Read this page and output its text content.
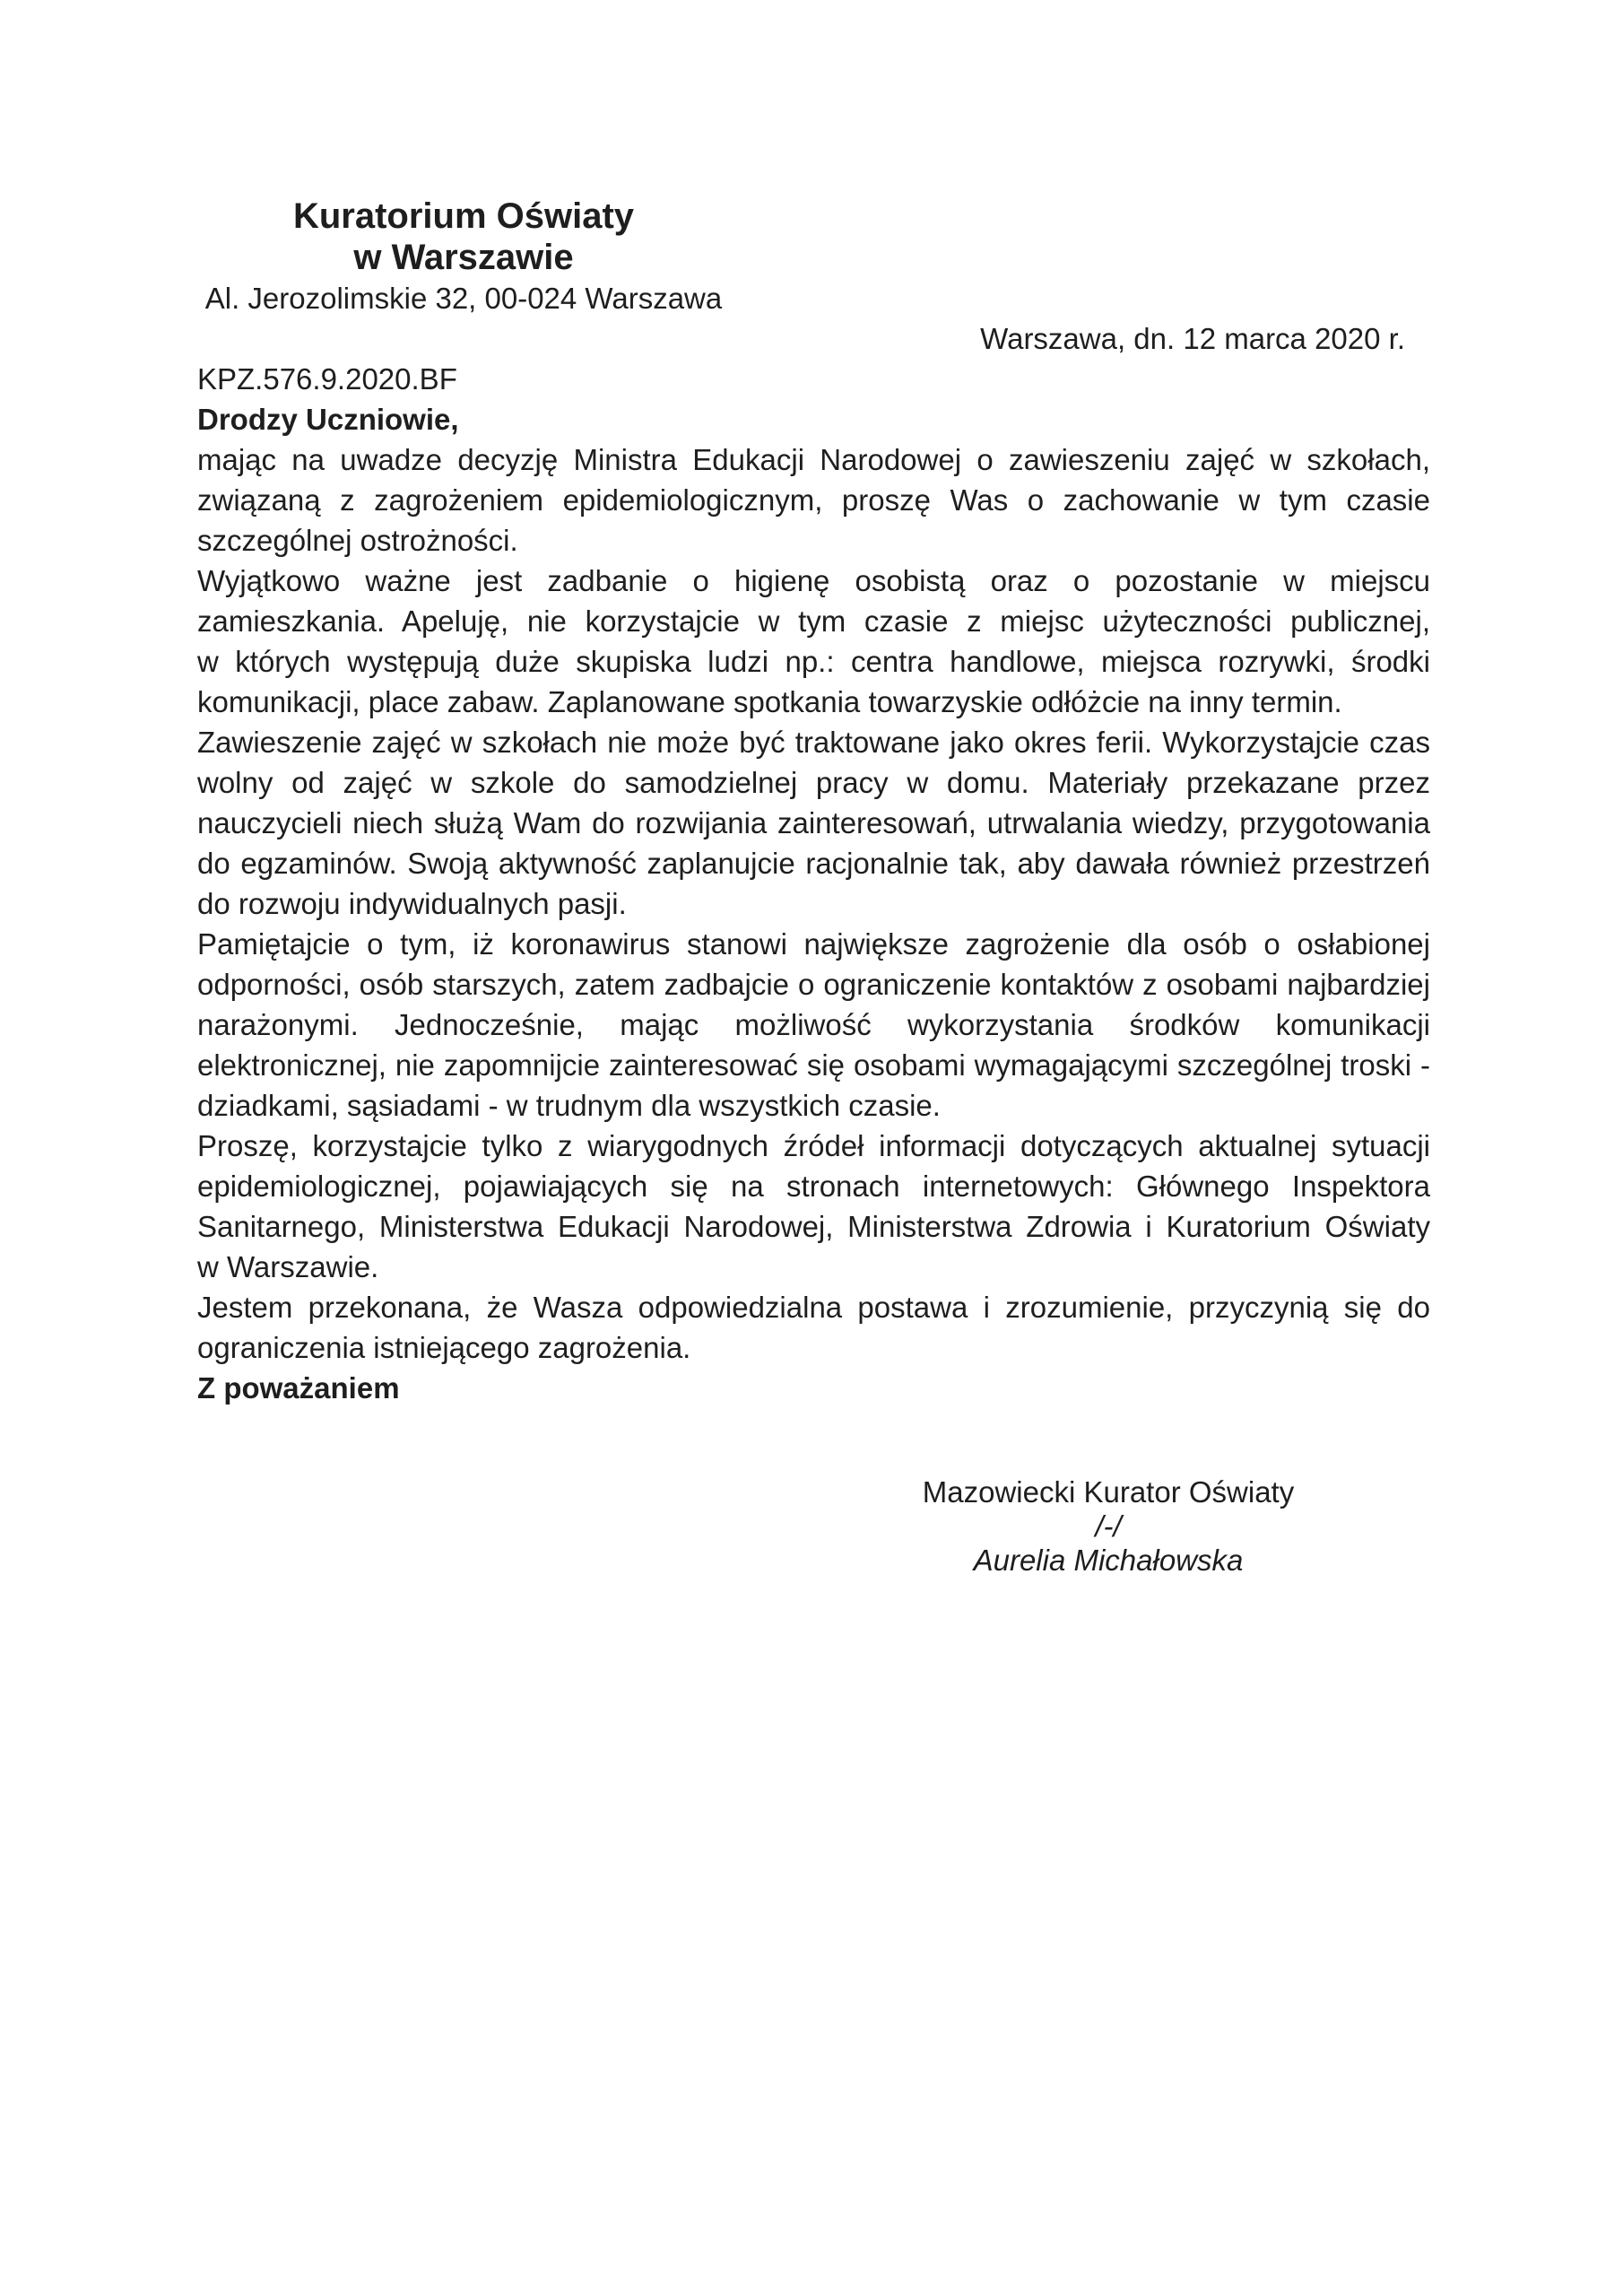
Kuratorium Oświaty

w Warszawie

Al. Jerozolimskie 32, 00-024 Warszawa

Warszawa, dn. 12 marca 2020 r.

KPZ.576.9.2020.BF

Drodzy Uczniowie,

mając na uwadze decyzję Ministra Edukacji Narodowej o zawieszeniu zajęć w szkołach, związaną z zagrożeniem epidemiologicznym, proszę Was o zachowanie w tym czasie szczególnej ostrożności.

Wyjątkowo ważne jest zadbanie o higienę osobistą oraz o pozostanie w miejscu zamieszkania. Apeluję, nie korzystajcie w tym czasie z miejsc użyteczności publicznej, w których występują duże skupiska ludzi np.: centra handlowe, miejsca rozrywki, środki komunikacji, place zabaw. Zaplanowane spotkania towarzyskie odłóżcie na inny termin.

Zawieszenie zajęć w szkołach nie może być traktowane jako okres ferii. Wykorzystajcie czas wolny od zajęć w szkole do samodzielnej pracy w domu. Materiały przekazane przez nauczycieli niech służą Wam do rozwijania zainteresowań, utrwalania wiedzy, przygotowania do egzaminów. Swoją aktywność zaplanujcie racjonalnie tak, aby dawała również przestrzeń do rozwoju indywidualnych pasji.

Pamiętajcie o tym, iż koronawirus stanowi największe zagrożenie dla osób o osłabionej odporności, osób starszych, zatem zadbajcie o ograniczenie kontaktów z osobami najbardziej narażonymi. Jednocześnie, mając możliwość wykorzystania środków komunikacji elektronicznej, nie zapomnijcie zainteresować się osobami wymagającymi szczególnej troski - dziadkami, sąsiadami - w trudnym dla wszystkich czasie.

Proszę, korzystajcie tylko z wiarygodnych źródeł informacji dotyczących aktualnej sytuacji epidemiologicznej, pojawiających się na stronach internetowych: Głównego Inspektora Sanitarnego, Ministerstwa Edukacji Narodowej, Ministerstwa Zdrowia i Kuratorium Oświaty w Warszawie.

Jestem przekonana, że Wasza odpowiedzialna postawa i zrozumienie, przyczynią się do ograniczenia istniejącego zagrożenia.

Z poważaniem

Mazowiecki Kurator Oświaty

/-/

Aurelia Michałowska
